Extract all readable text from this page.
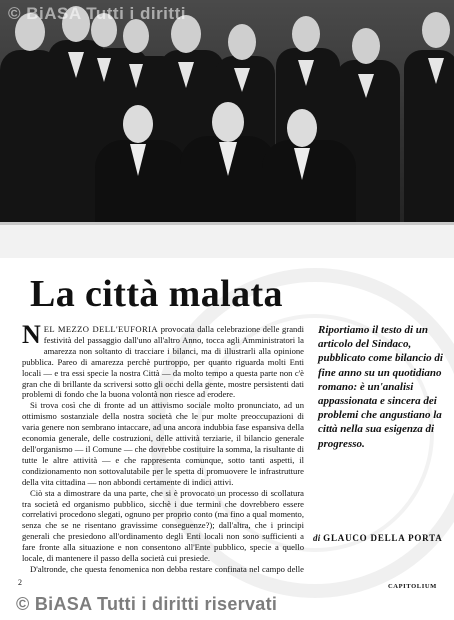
© BiASA Tutti i diritti
La città malata

NEL MEZZO DELL'EUFORIA provocata dalla celebrazione delle grandi festività del passaggio dall'uno all'altro Anno, tocca agli Amministratori la amarezza non soltanto di tracciare i bilanci, ma di illustrarli alla opinione pubblica. Pareo di amarezza perchè purtroppo, per quanto riguarda molti Enti locali — e tra essi specie la nostra Città — da molto tempo a questa parte non c'è gran che di brillante da scriversi sotto gli occhi della gente, mostre persistenti dati problemi di fondo che la buona volontà non riesce ad erodere.

Si trova così che di fronte ad un attivismo sociale molto pronunciato, ad un ottimismo sostanziale della nostra società che le pur molte preoccupazioni di varia genere non sembrano intaccare, ad una ancora indubbia fase espansiva della economia generale, delle costruzioni, delle attività terziarie, il bilancio generale dell'organismo — il Comune — che dovrebbe costituire la somma, la risultante di tutte le altre attività — e che rappresenta comunque, sotto tanti aspetti, il condizionamento non sottovalutabile per le spetta di promuovere le infrastrutture della vita cittadina — non abbondi certamente di indici attivi.

Ciò sta a dimostrare da una parte, che si è provocato un processo di scollatura tra società ed organismo pubblico, sicchè i due termini che dovrebbero essere correlativi procedono slegati, ognuno per proprio conto (ma fino a qual momento, senza che se ne risentano gravissime conseguenze?); dall'altra, che i principi generali che presiedono all'ordinamento degli Enti locali non sono sufficienti a fare fronte alla situazione e non consentono all'Ente pubblico, specie a quello locale, di mantenere il passo della società cui presiede.

D'altronde, che questa fenomenica non debba restare confinata nel campo delle

Riportiamo il testo di un articolo del Sindaco, pubblicato come bilancio di fine anno su un quotidiano romano: è un'analisi appassionata e sincera dei problemi che angustiano la città nella sua esigenza di progresso.
di GLAUCO DELLA PORTA
2	CAPITOLIUM
© BiASA Tutti i diritti riservati
